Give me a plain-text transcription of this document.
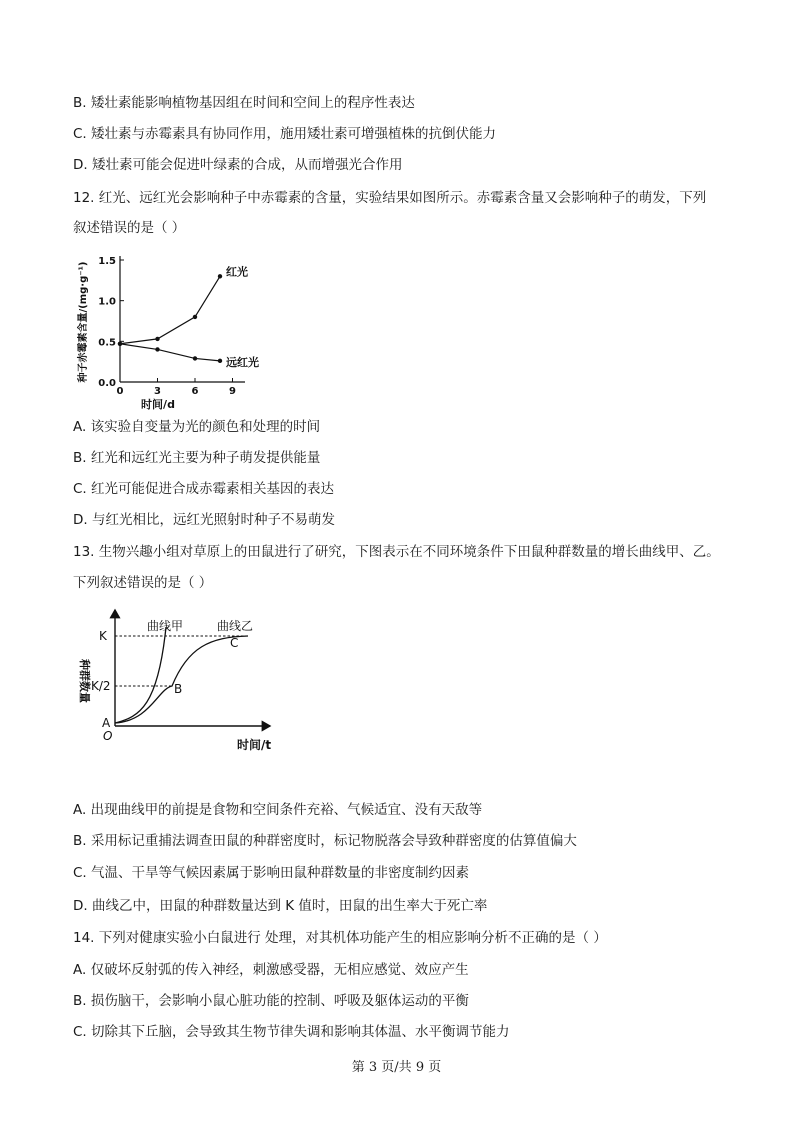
B. 矮壮素能影响植物基因组在时间和空间上的程序性表达
C. 矮壮素与赤霉素具有协同作用，施用矮壮素可增强植株的抗倒伏能力
D. 矮壮素可能会促进叶绿素的合成，从而增强光合作用
12. 红光、远红光会影响种子中赤霉素的含量，实验结果如图所示。赤霉素含量又会影响种子的萌发，下列
叙述错误的是（ ）
0.0
0.5
1.0
1.5
0	3	6	9
红光
远红光
种子赤霉素含量/(mg·g⁻¹)
时间/d
A. 该实验自变量为光的颜色和处理的时间
B. 红光和远红光主要为种子萌发提供能量
C. 红光可能促进合成赤霉素相关基因的表达
D. 与红光相比，远红光照射时种子不易萌发
13. 生物兴趣小组对草原上的田鼠进行了研究，下图表示在不同环境条件下田鼠种群数量的增长曲线甲、乙。
下列叙述错误的是（ ）
种群数量
时间/t
O
K
K/2
A
B
C
曲线甲	曲线乙
A. 出现曲线甲的前提是食物和空间条件充裕、气候适宜、没有天敌等
B. 采用标记重捕法调查田鼠的种群密度时，标记物脱落会导致种群密度的估算值偏大
C. 气温、干旱等气候因素属于影响田鼠种群数量的非密度制约因素
D. 曲线乙中，田鼠的种群数量达到 K 值时，田鼠的出生率大于死亡率
14. 下列对健康实验小白鼠进行 处理，对其机体功能产生的相应影响分析不正确的是（ ）
A. 仅破坏反射弧的传入神经，刺激感受器，无相应感觉、效应产生
B. 损伤脑干，会影响小鼠心脏功能的控制、呼吸及躯体运动的平衡
C. 切除其下丘脑，会导致其生物节律失调和影响其体温、水平衡调节能力
第 3 页/共 9 页
